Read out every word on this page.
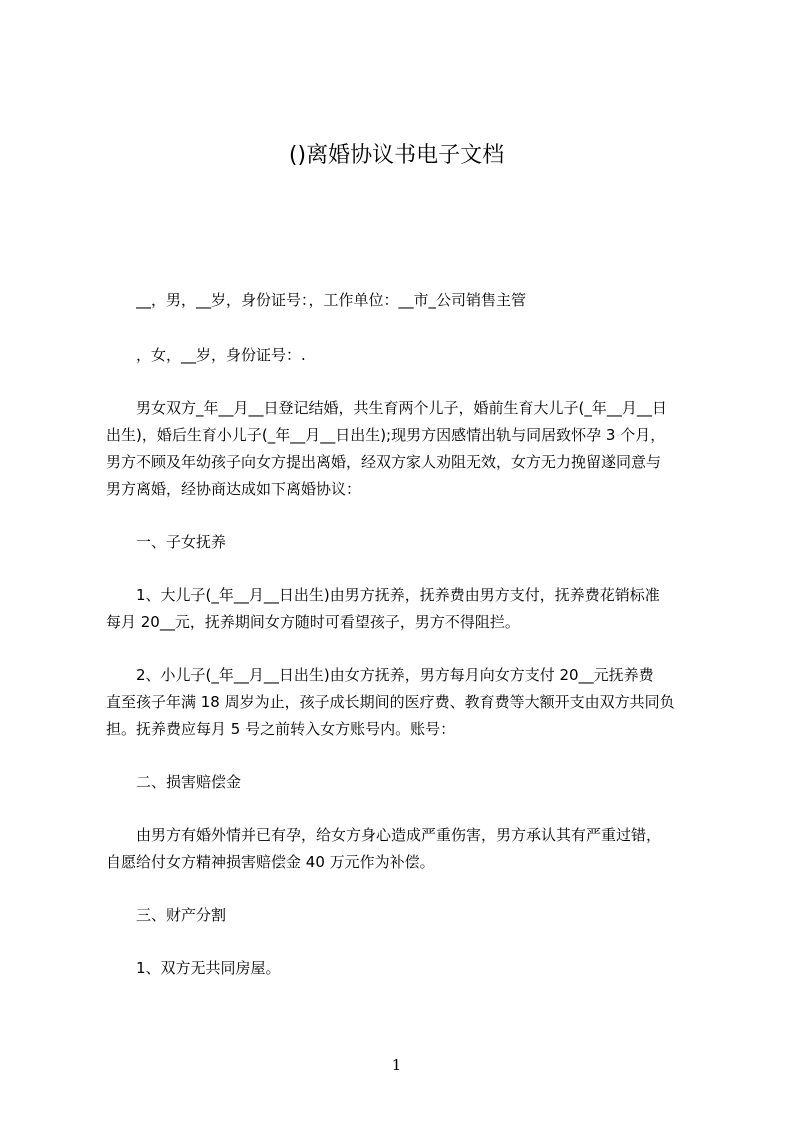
()离婚协议书电子文档
__，男，__岁，身份证号：，工作单位：__市_公司销售主管
，女，__岁，身份证号：.
男女双方_年__月__日登记结婚，共生育两个儿子，婚前生育大儿子(_年__月__日
出生)，婚后生育小儿子(_年__月__日出生);现男方因感情出轨与同居致怀孕 3 个月，
男方不顾及年幼孩子向女方提出离婚，经双方家人劝阻无效，女方无力挽留遂同意与
男方离婚，经协商达成如下离婚协议：
一、子女抚养
1、大儿子(_年__月__日出生)由男方抚养，抚养费由男方支付，抚养费花销标准
每月 20__元，抚养期间女方随时可看望孩子，男方不得阻拦。
2、小儿子(_年__月__日出生)由女方抚养，男方每月向女方支付 20__元抚养费
直至孩子年满 18 周岁为止，孩子成长期间的医疗费、教育费等大额开支由双方共同负
担。抚养费应每月 5 号之前转入女方账号内。账号：
二、损害赔偿金
由男方有婚外情并已有孕，给女方身心造成严重伤害，男方承认其有严重过错，
自愿给付女方精神损害赔偿金 40 万元作为补偿。
三、财产分割
1、双方无共同房屋。
1
